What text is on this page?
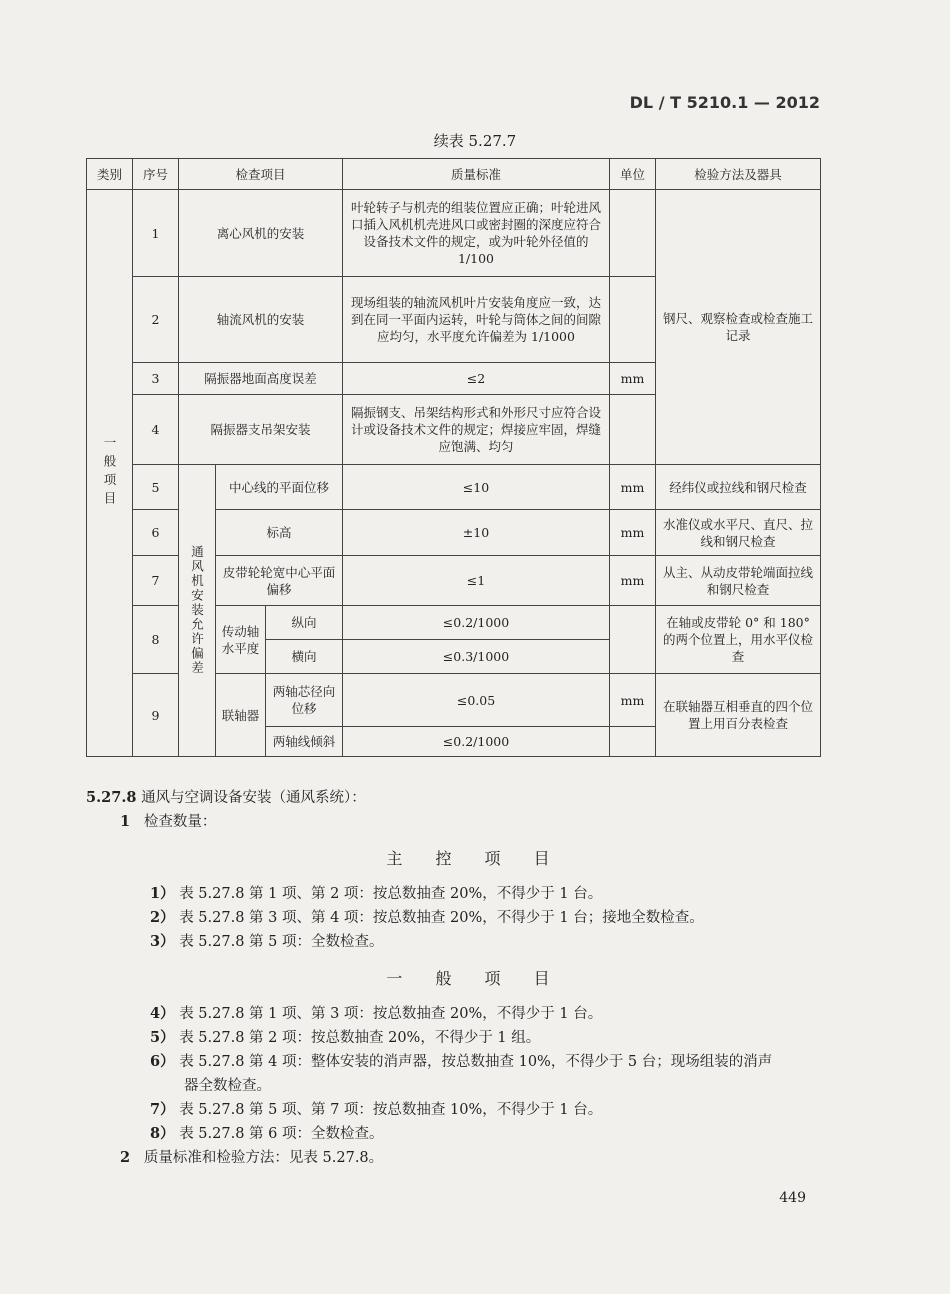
DL / T 5210.1 — 2012
续表 5.27.7
类别	序号	检查项目			质量标准	单位	检验方法及器具
一般项目	1	离心风机的安装			叶轮转子与机壳的组装位置应正确；叶轮进风口插入风机机壳进风口或密封圈的深度应符合设备技术文件的规定，或为叶轮外径值的 1/100		钢尺、观察检查或检查施工记录
	2	轴流风机的安装			现场组装的轴流风机叶片安装角度应一致，达到在同一平面内运转，叶轮与筒体之间的间隙应均匀，水平度允许偏差为 1/1000		
	3	隔振器地面高度误差			≤2	mm	
	4	隔振器支吊架安装			隔振钢支、吊架结构形式和外形尺寸应符合设计或设备技术文件的规定；焊接应牢固，焊缝应饱满、均匀		
	5	通风机安装允许偏差	中心线的平面位移		≤10	mm	经纬仪或拉线和钢尺检查
	6		标高		±10	mm	水准仪或水平尺、直尺、拉线和钢尺检查
	7		皮带轮轮宽中心平面偏移		≤1	mm	从主、从动皮带轮端面拉线和钢尺检查
	8		传动轴水平度	纵向	≤0.2/1000		在轴或皮带轮 0° 和 180° 的两个位置上，用水平仪检查
				横向	≤0.3/1000		
	9		联轴器	两轴芯径向位移	≤0.05	mm	在联轴器互相垂直的四个位置上用百分表检查
				两轴线倾斜	≤0.2/1000		
5.27.8 通风与空调设备安装（通风系统）：
1 检查数量：
主 控 项 目
1） 表 5.27.8 第 1 项、第 2 项：按总数抽查 20%，不得少于 1 台。
2） 表 5.27.8 第 3 项、第 4 项：按总数抽查 20%，不得少于 1 台；接地全数检查。
3） 表 5.27.8 第 5 项：全数检查。
一 般 项 目
4） 表 5.27.8 第 1 项、第 3 项：按总数抽查 20%，不得少于 1 台。
5） 表 5.27.8 第 2 项：按总数抽查 20%，不得少于 1 组。
6） 表 5.27.8 第 4 项：整体安装的消声器，按总数抽查 10%，不得少于 5 台；现场组装的消声
器全数检查。
7） 表 5.27.8 第 5 项、第 7 项：按总数抽查 10%，不得少于 1 台。
8） 表 5.27.8 第 6 项：全数检查。
2 质量标准和检验方法：见表 5.27.8。
449
